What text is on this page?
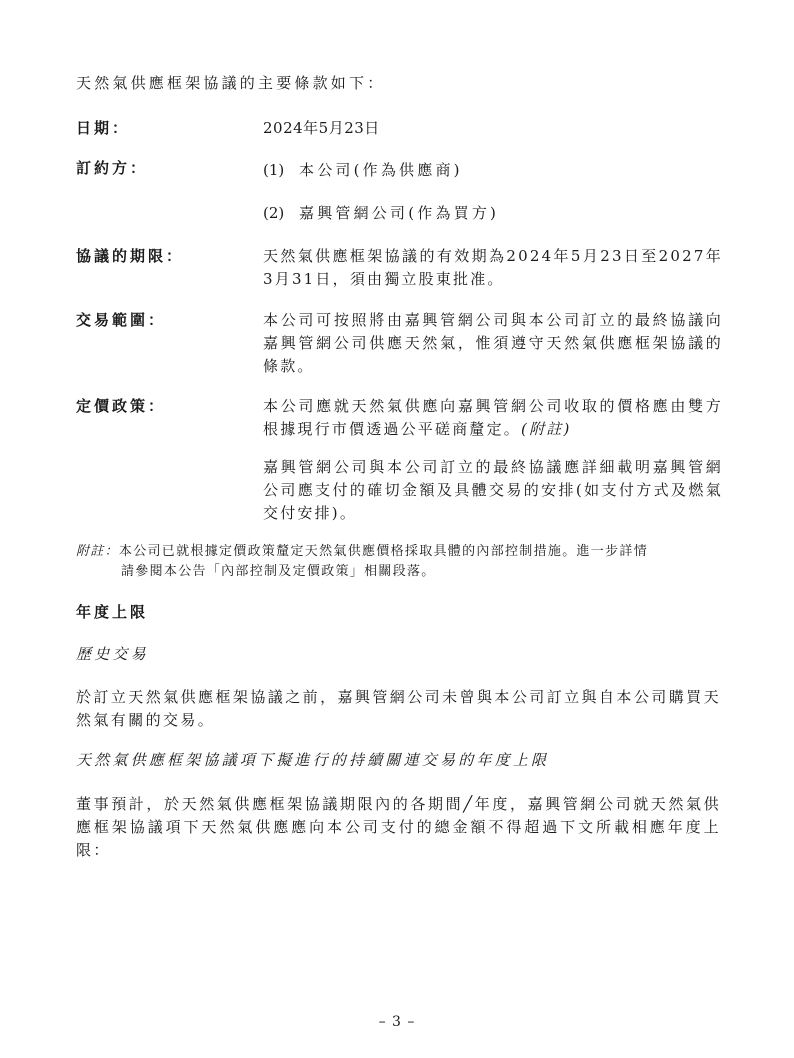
天然氣供應框架協議的主要條款如下：
日期：	2024年5月23日
訂約方：	(1) 本公司(作為供應商)
(2) 嘉興管網公司(作為買方)
協議的期限：	天然氣供應框架協議的有效期為2024年5月23日至2027年3月31日，須由獨立股東批准。
交易範圍：	本公司可按照將由嘉興管網公司與本公司訂立的最終協議向嘉興管網公司供應天然氣，惟須遵守天然氣供應框架協議的條款。
定價政策：	本公司應就天然氣供應向嘉興管網公司收取的價格應由雙方根據現行市價透過公平磋商釐定。(附註)
嘉興管網公司與本公司訂立的最終協議應詳細載明嘉興管網公司應支付的確切金額及具體交易的安排(如支付方式及燃氣交付安排)。
附註：本公司已就根據定價政策釐定天然氣供應價格採取具體的內部控制措施。進一步詳情
請參閱本公告「內部控制及定價政策」相關段落。
年度上限
歷史交易
於訂立天然氣供應框架協議之前，嘉興管網公司未曾與本公司訂立與自本公司購買天然氣有關的交易。
天然氣供應框架協議項下擬進行的持續關連交易的年度上限
董事預計，於天然氣供應框架協議期限內的各期間╱年度，嘉興管網公司就天然氣供應框架協議項下天然氣供應應向本公司支付的總金額不得超過下文所載相應年度上限：
– 3 –
